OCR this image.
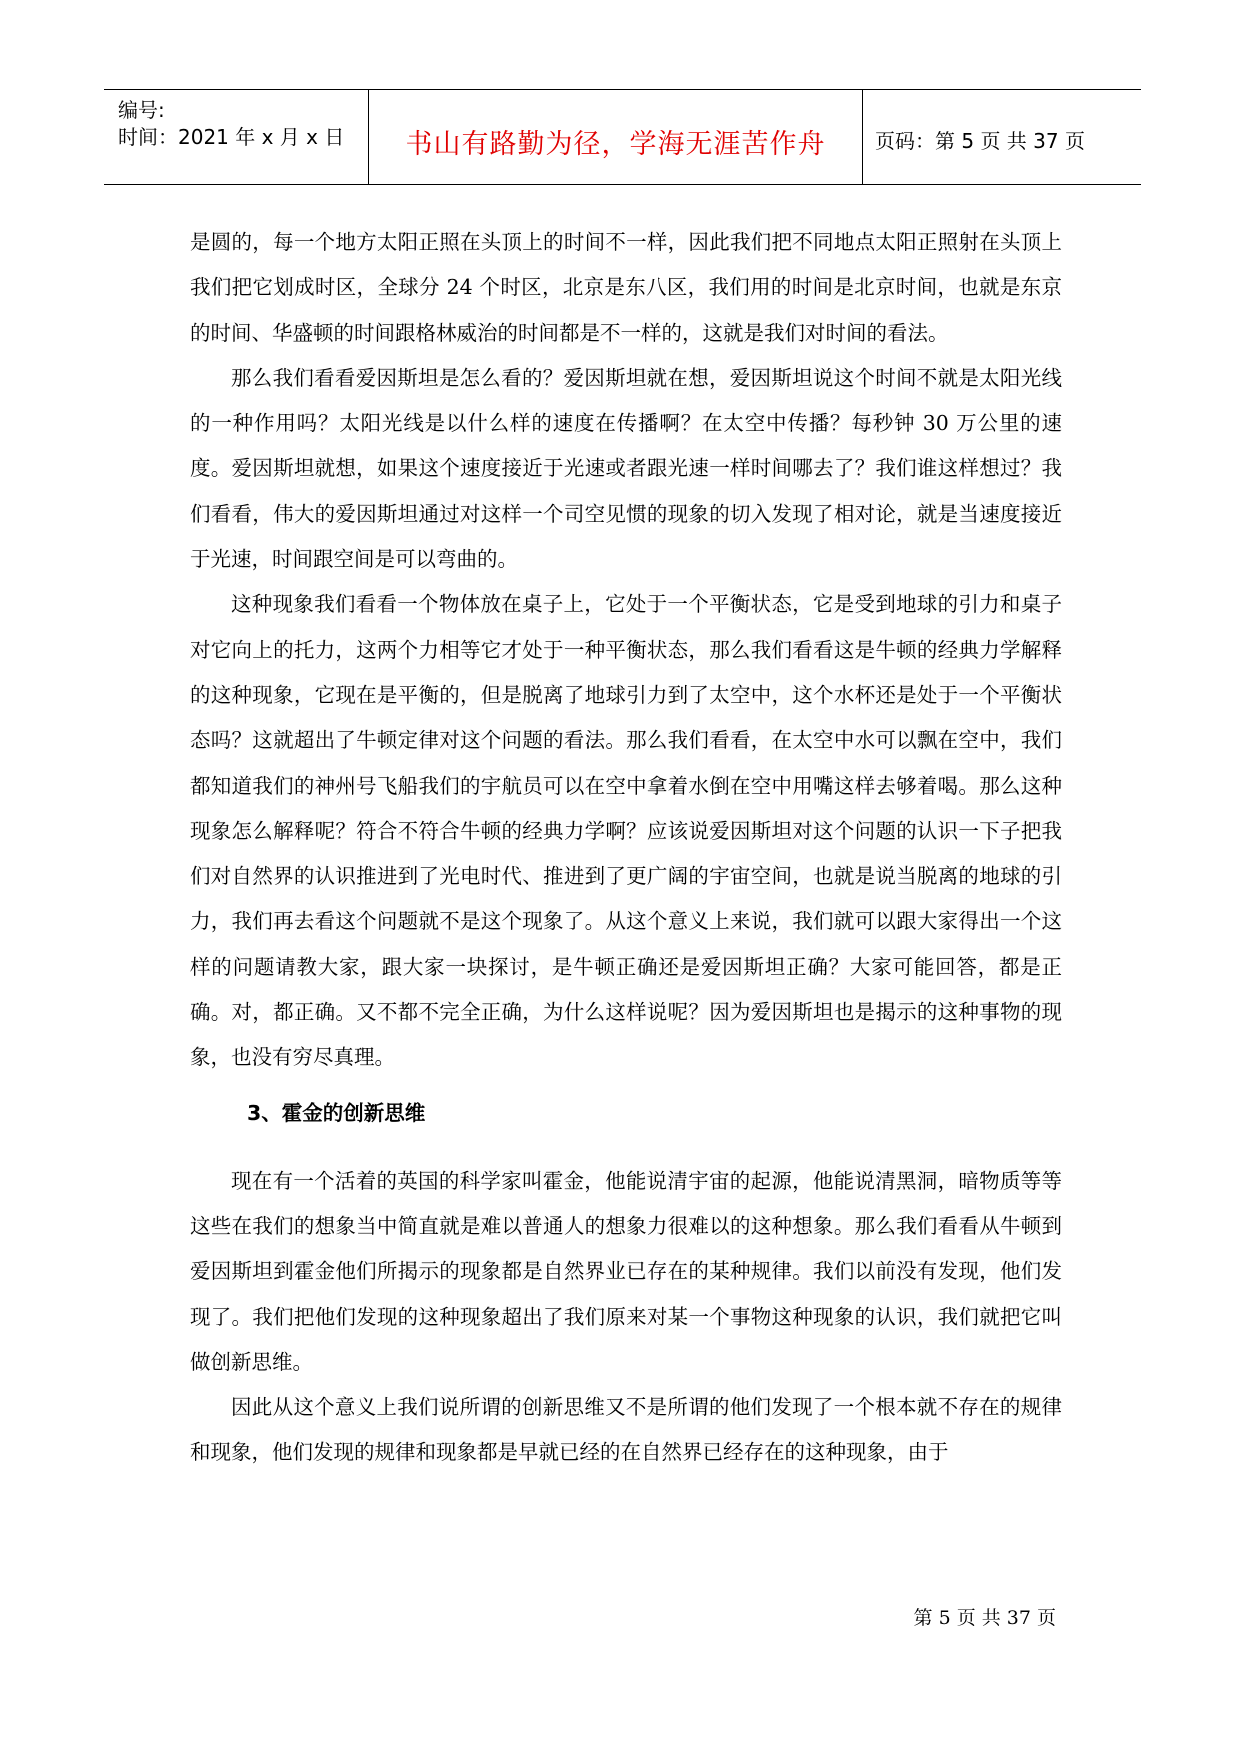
编号:
时间：2021 年 x 月 x 日	书山有路勤为径，学海无涯苦作舟	页码：第 5 页 共 37 页

是圆的，每一个地方太阳正照在头顶上的时间不一样，因此我们把不同地点太阳正照射在头顶上我们把它划成时区，全球分 24 个时区，北京是东八区，我们用的时间是北京时间，也就是东京的时间、华盛顿的时间跟格林威治的时间都是不一样的，这就是我们对时间的看法。

那么我们看看爱因斯坦是怎么看的？爱因斯坦就在想，爱因斯坦说这个时间不就是太阳光线的一种作用吗？太阳光线是以什么样的速度在传播啊？在太空中传播？每秒钟 30 万公里的速度。爱因斯坦就想，如果这个速度接近于光速或者跟光速一样时间哪去了？我们谁这样想过？我们看看，伟大的爱因斯坦通过对这样一个司空见惯的现象的切入发现了相对论，就是当速度接近于光速，时间跟空间是可以弯曲的。

这种现象我们看看一个物体放在桌子上，它处于一个平衡状态，它是受到地球的引力和桌子对它向上的托力，这两个力相等它才处于一种平衡状态，那么我们看看这是牛顿的经典力学解释的这种现象，它现在是平衡的，但是脱离了地球引力到了太空中，这个水杯还是处于一个平衡状态吗？这就超出了牛顿定律对这个问题的看法。那么我们看看，在太空中水可以飘在空中，我们都知道我们的神州号飞船我们的宇航员可以在空中拿着水倒在空中用嘴这样去够着喝。那么这种现象怎么解释呢？符合不符合牛顿的经典力学啊？应该说爱因斯坦对这个问题的认识一下子把我们对自然界的认识推进到了光电时代、推进到了更广阔的宇宙空间，也就是说当脱离的地球的引力，我们再去看这个问题就不是这个现象了。从这个意义上来说，我们就可以跟大家得出一个这样的问题请教大家，跟大家一块探讨，是牛顿正确还是爱因斯坦正确？大家可能回答，都是正确。对，都正确。又不都不完全正确，为什么这样说呢？因为爱因斯坦也是揭示的这种事物的现象，也没有穷尽真理。

3、霍金的创新思维

现在有一个活着的英国的科学家叫霍金，他能说清宇宙的起源，他能说清黑洞，暗物质等等这些在我们的想象当中简直就是难以普通人的想象力很难以的这种想象。那么我们看看从牛顿到爱因斯坦到霍金他们所揭示的现象都是自然界业已存在的某种规律。我们以前没有发现，他们发现了。我们把他们发现的这种现象超出了我们原来对某一个事物这种现象的认识，我们就把它叫做创新思维。

因此从这个意义上我们说所谓的创新思维又不是所谓的他们发现了一个根本就不存在的规律和现象，他们发现的规律和现象都是早就已经的在自然界已经存在的这种现象，由于

第 5 页 共 37 页
